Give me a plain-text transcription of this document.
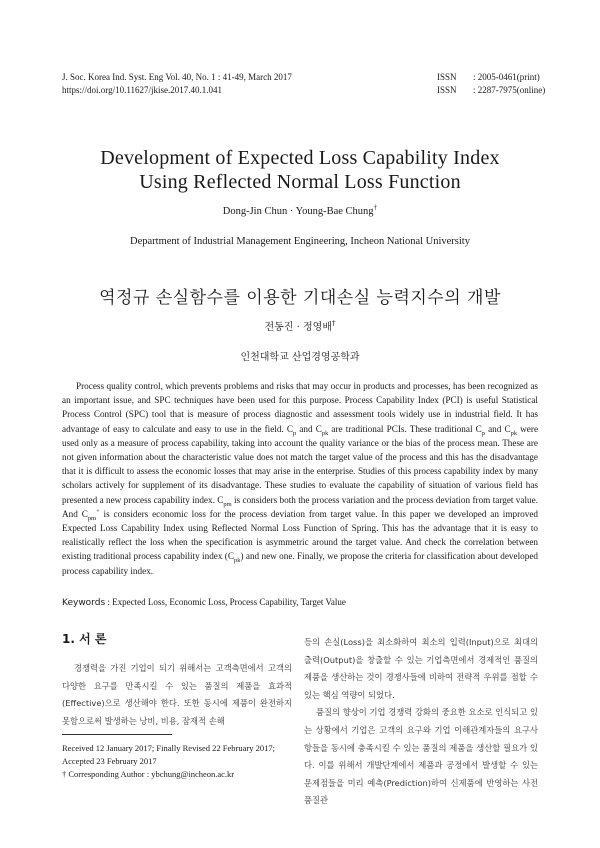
J. Soc. Korea Ind. Syst. Eng Vol. 40, No. 1 : 41-49, March 2017
https://doi.org/10.11627/jkise.2017.40.1.041
ISSN : 2005-0461(print)
ISSN : 2287-7975(online)
Development of Expected Loss Capability Index
Using Reflected Normal Loss Function
Dong-Jin Chun · Young-Bae Chung†
Department of Industrial Management Engineering, Incheon National University
역정규 손실함수를 이용한 기대손실 능력지수의 개발
전동진 · 정영배†
인천대학교 산업경영공학과
Process quality control, which prevents problems and risks that may occur in products and processes, has been recognized as an important issue, and SPC techniques have been used for this purpose. Process Capability Index (PCI) is useful Statistical Process Control (SPC) tool that is measure of process diagnostic and assessment tools widely use in industrial field. It has advantage of easy to calculate and easy to use in the field. $C_p$ and $C_{pk}$ are traditional PCIs. These traditional $C_p$ and $C_{pk}$ were used only as a measure of process capability, taking into account the quality variance or the bias of the process mean. These are not given information about the characteristic value does not match the target value of the process and this has the disadvantage that it is difficult to assess the economic losses that may arise in the enterprise. Studies of this process capability index by many scholars actively for supplement of its disadvantage. These studies to evaluate the capability of situation of various field has presented a new process capability index. $C_{pm}$ is considers both the process variation and the process deviation from target value. And $C_{pm}^+$ is considers economic loss for the process deviation from target value. In this paper we developed an improved Expected Loss Capability Index using Reflected Normal Loss Function of Spring. This has the advantage that it is easy to realistically reflect the loss when the specification is asymmetric around the target value. And check the correlation between existing traditional process capability index $(C_{pk})$ and new one. Finally, we propose the criteria for classification about developed process capability index.
Keywords : Expected Loss, Economic Loss, Process Capability, Target Value
1. 서 론

경쟁력을 가진 기업이 되기 위해서는 고객측면에서 고객의 다양한 요구를 만족시킬 수 있는 품질의 제품을 효과적(Effective)으로 생산해야 한다. 또한 동시에 제품이 완전하지 못함으로써 발생하는 낭비, 비용, 잠재적 손해

등의 손실(Loss)을 최소화하여 최소의 입력(Input)으로 최대의 출력(Output)을 창출할 수 있는 기업측면에서 경제적인 품질의 제품을 생산하는 것이 경쟁사들에 비하여 전략적 우위를 점할 수 있는 핵심 역량이 되었다.

품질의 향상이 기업 경쟁력 강화의 중요한 요소로 인식되고 있는 상황에서 기업은 고객의 요구와 기업 이해관계자들의 요구사항들을 동시에 충족시킬 수 있는 품질의 제품을 생산할 필요가 있다. 이를 위해서 개발단계에서 제품과 공정에서 발생할 수 있는 문제점들을 미리 예측(Prediction)하여 신제품에 반영하는 사전 품질관

Received 12 January 2017; Finally Revised 22 February 2017;
Accepted 23 February 2017
† Corresponding Author : ybchung@incheon.ac.kr
